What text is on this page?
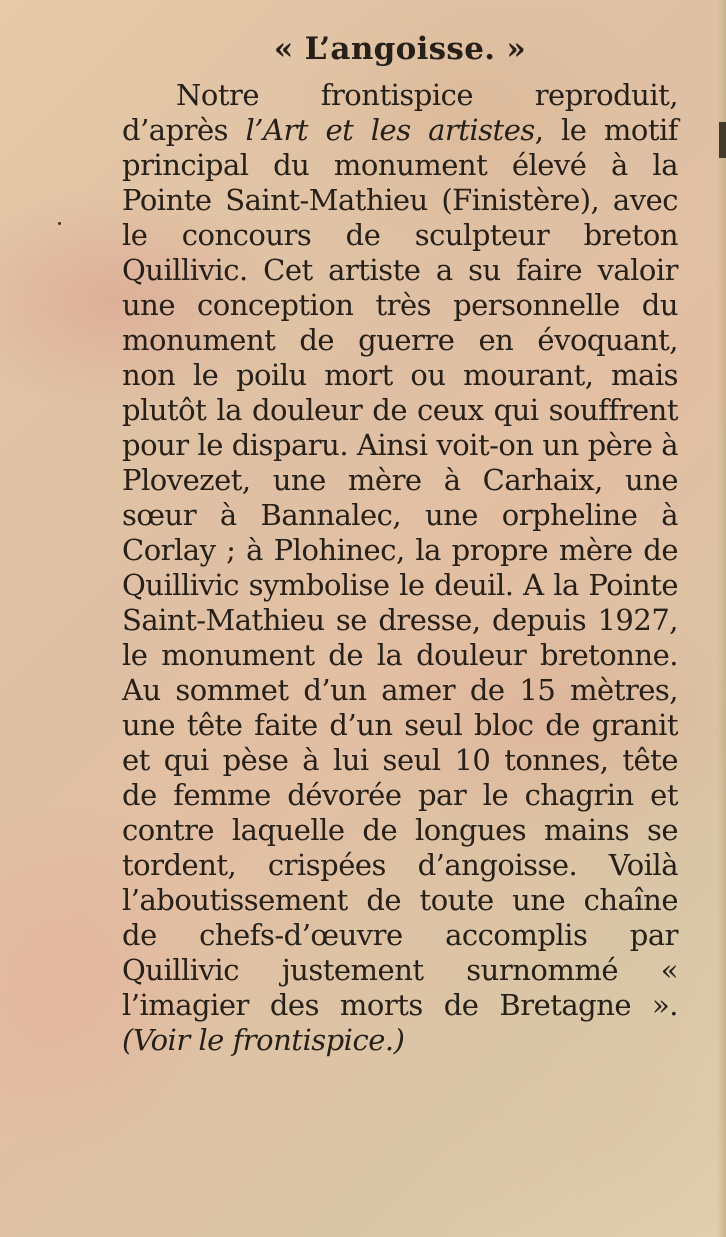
« L’angoisse. »

Notre frontispice reproduit, d’après l’Art et les artistes, le motif principal du monument élevé à la Pointe Saint-Mathieu (Finistère), avec le concours de sculpteur breton Quillivic. Cet artiste a su faire valoir une conception très personnelle du monument de guerre en évoquant, non le poilu mort ou mourant, mais plutôt la douleur de ceux qui souffrent pour le disparu. Ainsi voit-on un père à Plovezet, une mère à Carhaix, une sœur à Bannalec, une orpheline à Corlay ; à Plohinec, la propre mère de Quillivic symbolise le deuil. A la Pointe Saint-Mathieu se dresse, depuis 1927, le monument de la douleur bretonne. Au sommet d’un amer de 15 mètres, une tête faite d’un seul bloc de granit et qui pèse à lui seul 10 tonnes, tête de femme dévorée par le chagrin et contre laquelle de longues mains se tordent, crispées d’angoisse. Voilà l’aboutissement de toute une chaîne de chefs-d’œuvre accomplis par Quillivic justement surnommé « l’imagier des morts de Bretagne ». (Voir le frontispice.)
